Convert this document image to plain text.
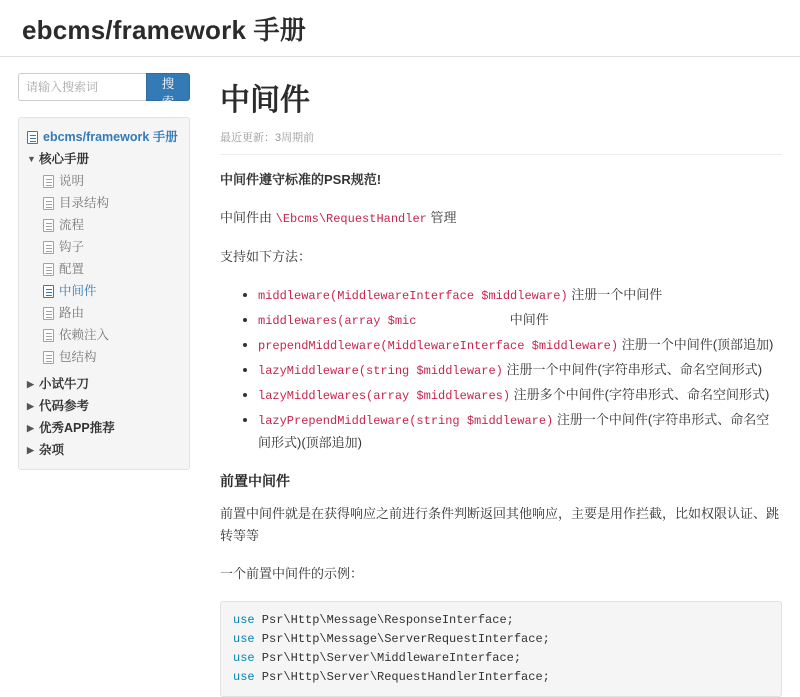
ebcms/framework 手册
请输入搜索词
搜索
ebcms/framework 手册
▼ 核心手册
说明
目录结构
流程
钩子
配置
中间件
路由
依赖注入
包结构
▶ 小试牛刀
▶ 代码参考
▶ 优秀APP推荐
▶ 杂项
中间件
最近更新：3周期前

中间件遵守标准的PSR规范!

中间件由 \Ebcms\RequestHandler 管理

支持如下方法：

• middleware(MiddlewareInterface $middleware) 注册一个中间件
• middlewares(array $mic	中间件
• prependMiddleware(MiddlewareInterface $middleware) 注册一个中间件(顶部追加)
• lazyMiddleware(string $middleware) 注册一个中间件(字符串形式、命名空间形式)
• lazyMiddlewares(array $middlewares) 注册多个中间件(字符串形式、命名空间形式)
• lazyPrependMiddleware(string $middleware) 注册一个中间件(字符串形式、命名空间形式)(顶部追加)
前置中间件

前置中间件就是在获得响应之前进行条件判断返回其他响应，主要是用作拦截，比如权限认证、跳转等等

一个前置中间件的示例：

use Psr\Http\Message\ResponseInterface;
use Psr\Http\Message\ServerRequestInterface;
use Psr\Http\Server\MiddlewareInterface;
use Psr\Http\Server\RequestHandlerInterface;
